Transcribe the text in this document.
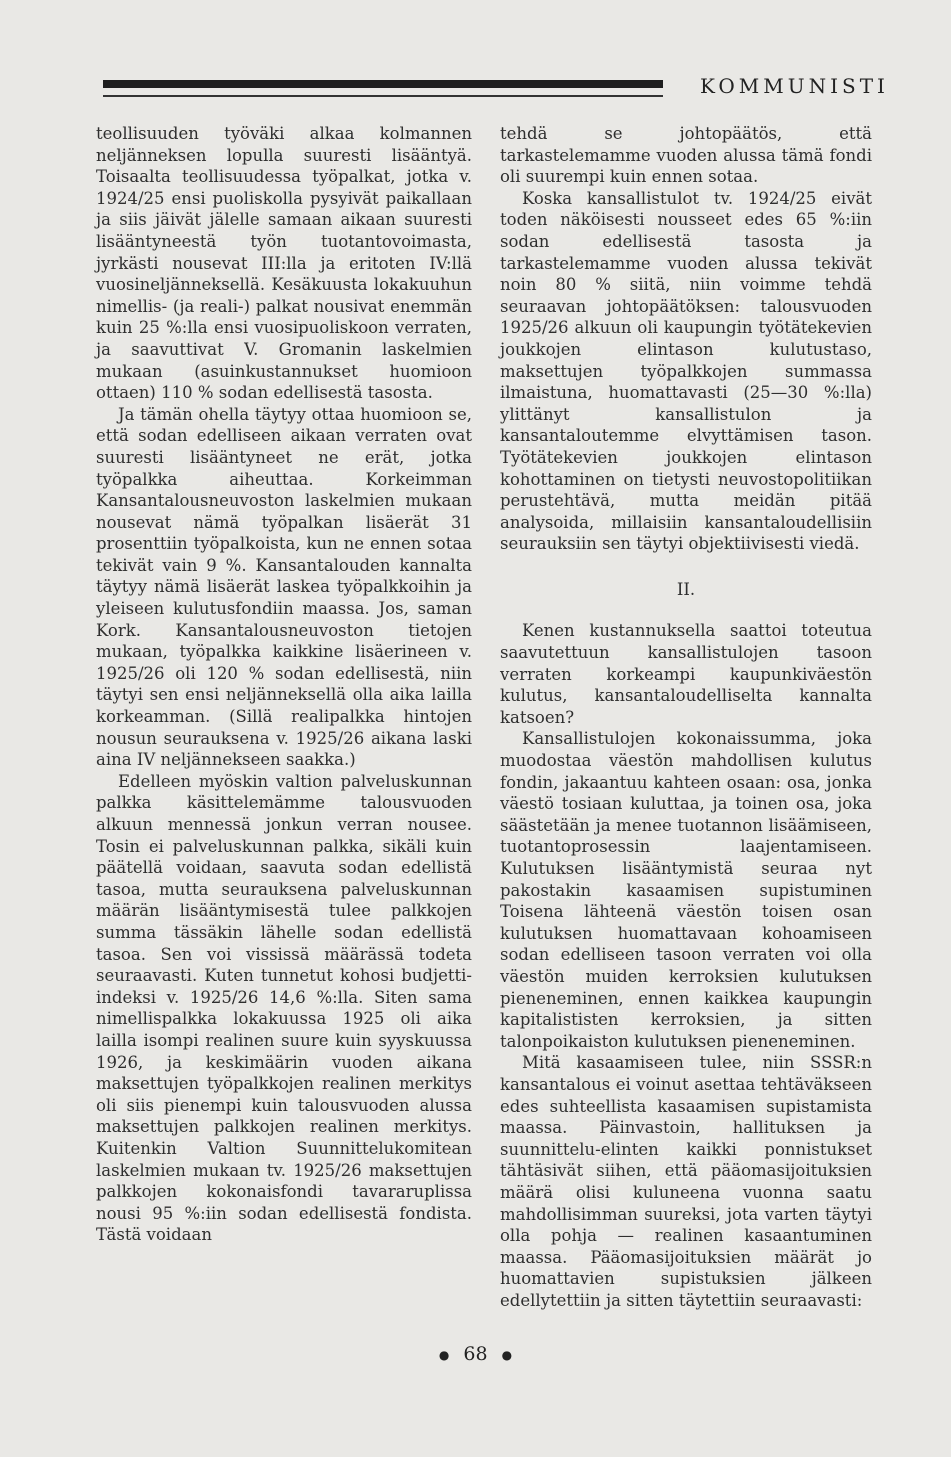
KOMMUNISTI

teollisuuden työväki alkaa kolmannen neljänneksen lopulla suuresti lisääntyä. Toisaalta teollisuudessa työpalkat, jotka v. 1924/25 ensi puoliskolla pysyivät paikallaan ja siis jäivät jälelle samaan aikaan suuresti lisääntyneestä työn tuotantovoimasta, jyrkästi nousevat III:lla ja eritoten IV:llä vuosineljänneksellä. Kesäkuusta lokakuuhun nimellis- (ja reali-) palkat nousivat enemmän kuin 25 %:lla ensi vuosipuoliskoon verraten, ja saavuttivat V. Gromanin laskelmien mukaan (asuinkustannukset huomioon ottaen) 110 % sodan edellisestä tasosta.

Ja tämän ohella täytyy ottaa huomioon se, että sodan edelliseen aikaan verraten ovat suuresti lisääntyneet ne erät, jotka työpalkka aiheuttaa. Korkeimman Kansantalousneuvoston laskelmien mukaan nousevat nämä työpalkan lisäerät 31 prosenttiin työpalkoista, kun ne ennen sotaa tekivät vain 9 %. Kansantalouden kannalta täytyy nämä lisäerät laskea työpalkkoihin ja yleiseen kulutusfondiin maassa. Jos, saman Kork. Kansantalousneuvoston tietojen mukaan, työpalkka kaikkine lisäerineen v. 1925/26 oli 120 % sodan edellisestä, niin täytyi sen ensi neljänneksellä olla aika lailla korkeamman. (Sillä realipalkka hintojen nousun seurauksena v. 1925/26 aikana laski aina IV neljännekseen saakka.)

Edelleen myöskin valtion palveluskunnan palkka käsittelemämme talousvuoden alkuun mennessä jonkun verran nousee. Tosin ei palveluskunnan palkka, sikäli kuin päätellä voidaan, saavuta sodan edellistä tasoa, mutta seurauksena palveluskunnan määrän lisääntymisestä tulee palkkojen summa tässäkin lähelle sodan edellistä tasoa. Sen voi vississä määrässä todeta seuraavasti. Kuten tunnetut kohosi budjetti-indeksi v. 1925/26 14,6 %:lla. Siten sama nimellispalkka lokakuussa 1925 oli aika lailla isompi realinen suure kuin syyskuussa 1926, ja keskimäärin vuoden aikana maksettujen työpalkkojen realinen merkitys oli siis pienempi kuin talousvuoden alussa maksettujen palkkojen realinen merkitys. Kuitenkin Valtion Suunnittelukomitean laskelmien mukaan tv. 1925/26 maksettujen palkkojen kokonaisfondi tavararuplissa nousi 95 %:iin sodan edellisestä fondista. Tästä voidaan

tehdä se johtopäätös, että tarkastelemamme vuoden alussa tämä fondi oli suurempi kuin ennen sotaa.

Koska kansallistulot tv. 1924/25 eivät toden näköisesti nousseet edes 65 %:iin sodan edellisestä tasosta ja tarkastelemamme vuoden alussa tekivät noin 80 % siitä, niin voimme tehdä seuraavan johtopäätöksen: talousvuoden 1925/26 alkuun oli kaupungin työtätekevien joukkojen elintason kulutustaso, maksettujen työpalkkojen summassa ilmaistuna, huomattavasti (25—30 %:lla) ylittänyt kansallistulon ja kansantaloutemme elvyttämisen tason. Työtätekevien joukkojen elintason kohottaminen on tietysti neuvostopolitiikan perustehtävä, mutta meidän pitää analysoida, millaisiin kansantaloudellisiin seurauksiin sen täytyi objektiivisesti viedä.

II.

Kenen kustannuksella saattoi toteutua saavutettuun kansallistulojen tasoon verraten korkeampi kaupunkiväestön kulutus, kansantaloudelliselta kannalta katsoen?

Kansallistulojen kokonaissumma, joka muodostaa väestön mahdollisen kulutus fondin, jakaantuu kahteen osaan: osa, jonka väestö tosiaan kuluttaa, ja toinen osa, joka säästetään ja menee tuotannon lisäämiseen, tuotantoprosessin laajentamiseen. Kulutuksen lisääntymistä seuraa nyt pakostakin kasaamisen supistuminen Toisena lähteenä väestön toisen osan kulutuksen huomattavaan kohoamiseen sodan edelliseen tasoon verraten voi olla väestön muiden kerroksien kulutuksen pieneneminen, ennen kaikkea kaupungin kapitalististen kerroksien, ja sitten talonpoikaiston kulutuksen pieneneminen.

Mitä kasaamiseen tulee, niin SSSR:n kansantalous ei voinut asettaa tehtäväkseen edes suhteellista kasaamisen supistamista maassa. Päinvastoin, hallituksen ja suunnittelu-elinten kaikki ponnistukset tähtäsivät siihen, että pääomasijoituksien määrä olisi kuluneena vuonna saatu mahdollisimman suureksi, jota varten täytyi olla pohja — realinen kasaantuminen maassa. Pääomasijoituksien määrät jo huomattavien supistuksien jälkeen edellytettiin ja sitten täytettiin seuraavasti:

● 68 ●
